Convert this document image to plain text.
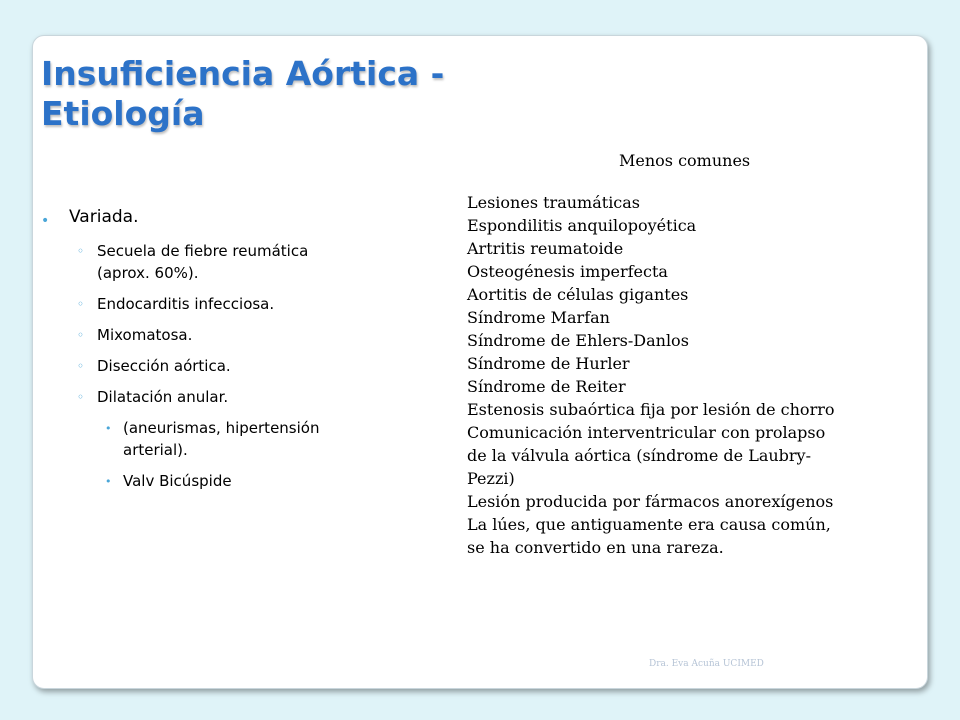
Insuficiencia Aórtica -
Etiología
• Variada.
◦ Secuela de fiebre reumática (aprox. 60%).
◦ Endocarditis infecciosa.
◦ Mixomatosa.
◦ Disección aórtica.
◦ Dilatación anular.
• (aneurismas, hipertensión arterial).
• Valv Bicúspide
Menos comunes
Lesiones traumáticas
Espondilitis anquilopoyética
Artritis reumatoide
Osteogénesis imperfecta
Aortitis de células gigantes
Síndrome Marfan
Síndrome de Ehlers-Danlos
Síndrome de Hurler
Síndrome de Reiter
Estenosis subaórtica fija por lesión de chorro
Comunicación interventricular con prolapso
de la válvula aórtica (síndrome de Laubry-
Pezzi)
Lesión producida por fármacos anorexígenos
La lúes, que antiguamente era causa común,
se ha convertido en una rareza.
Dra. Eva Acuña UCIMED
